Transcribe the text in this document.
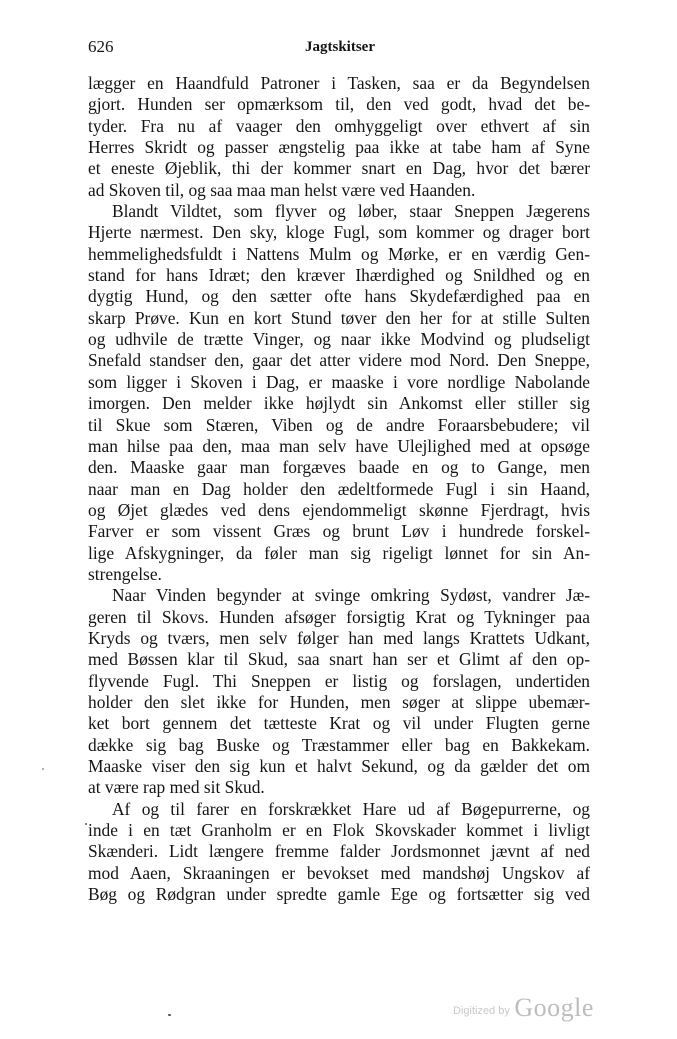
626	Jagtskitser
lægger en Haandfuld Patroner i Tasken, saa er da Begyndelsen
gjort. Hunden ser opmærksom til, den ved godt, hvad det be-
tyder. Fra nu af vaager den omhyggeligt over ethvert af sin
Herres Skridt og passer ængstelig paa ikke at tabe ham af Syne
et eneste Øjeblik, thi der kommer snart en Dag, hvor det bærer
ad Skoven til, og saa maa man helst være ved Haanden.
Blandt Vildtet, som flyver og løber, staar Sneppen Jægerens
Hjerte nærmest. Den sky, kloge Fugl, som kommer og drager bort
hemmelighedsfuldt i Nattens Mulm og Mørke, er en værdig Gen-
stand for hans Idræt; den kræver Ihærdighed og Snildhed og en
dygtig Hund, og den sætter ofte hans Skydefærdighed paa en
skarp Prøve. Kun en kort Stund tøver den her for at stille Sulten
og udhvile de trætte Vinger, og naar ikke Modvind og pludseligt
Snefald standser den, gaar det atter videre mod Nord. Den Sneppe,
som ligger i Skoven i Dag, er maaske i vore nordlige Nabolande
imorgen. Den melder ikke højlydt sin Ankomst eller stiller sig
til Skue som Stæren, Viben og de andre Foraarsbebudere; vil
man hilse paa den, maa man selv have Ulejlighed med at opsøge
den. Maaske gaar man forgæves baade en og to Gange, men
naar man en Dag holder den ædeltformede Fugl i sin Haand,
og Øjet glædes ved dens ejendommeligt skønne Fjerdragt, hvis
Farver er som vissent Græs og brunt Løv i hundrede forskel-
lige Afskygninger, da føler man sig rigeligt lønnet for sin An-
strengelse.
Naar Vinden begynder at svinge omkring Sydøst, vandrer Jæ-
geren til Skovs. Hunden afsøger forsigtig Krat og Tykninger paa
Kryds og tværs, men selv følger han med langs Krattets Udkant,
med Bøssen klar til Skud, saa snart han ser et Glimt af den op-
flyvende Fugl. Thi Sneppen er listig og forslagen, undertiden
holder den slet ikke for Hunden, men søger at slippe ubemær-
ket bort gennem det tætteste Krat og vil under Flugten gerne
dække sig bag Buske og Træstammer eller bag en Bakkekam.
Maaske viser den sig kun et halvt Sekund, og da gælder det om
at være rap med sit Skud.
Af og til farer en forskrækket Hare ud af Bøgepurrerne, og
inde i en tæt Granholm er en Flok Skovskader kommet i livligt
Skænderi. Lidt længere fremme falder Jordsmonnet jævnt af ned
mod Aaen, Skraaningen er bevokset med mandshøj Ungskov af
Bøg og Rødgran under spredte gamle Ege og fortsætter sig ved
Digitized by Google
